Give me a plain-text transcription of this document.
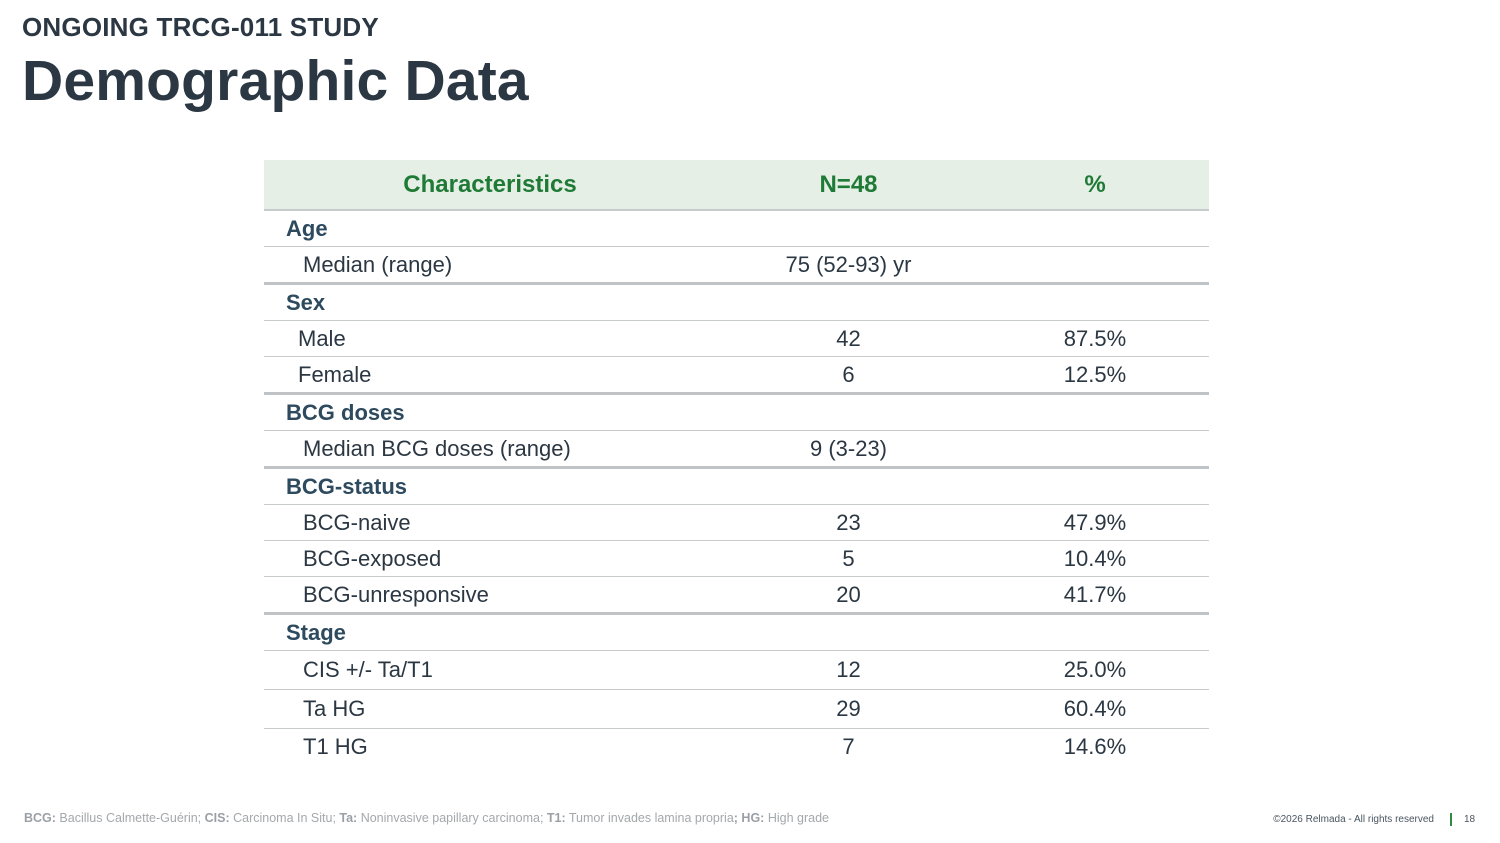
ONGOING TRCG-011 STUDY
Demographic Data
Characteristics	N=48	%
Age		
Median (range)	75 (52-93) yr	
Sex		
Male	42	87.5%
Female	6	12.5%
BCG doses		
Median BCG doses (range)	9 (3-23)	
BCG-status		
BCG-naive	23	47.9%
BCG-exposed	5	10.4%
BCG-unresponsive	20	41.7%
Stage		
CIS +/- Ta/T1	12	25.0%
Ta HG	29	60.4%
T1 HG	7	14.6%
BCG: Bacillus Calmette-Guérin; CIS: Carcinoma In Situ; Ta: Noninvasive papillary carcinoma; T1: Tumor invades lamina propria; HG: High grade	©2026 Relmada - All rights reserved	18
